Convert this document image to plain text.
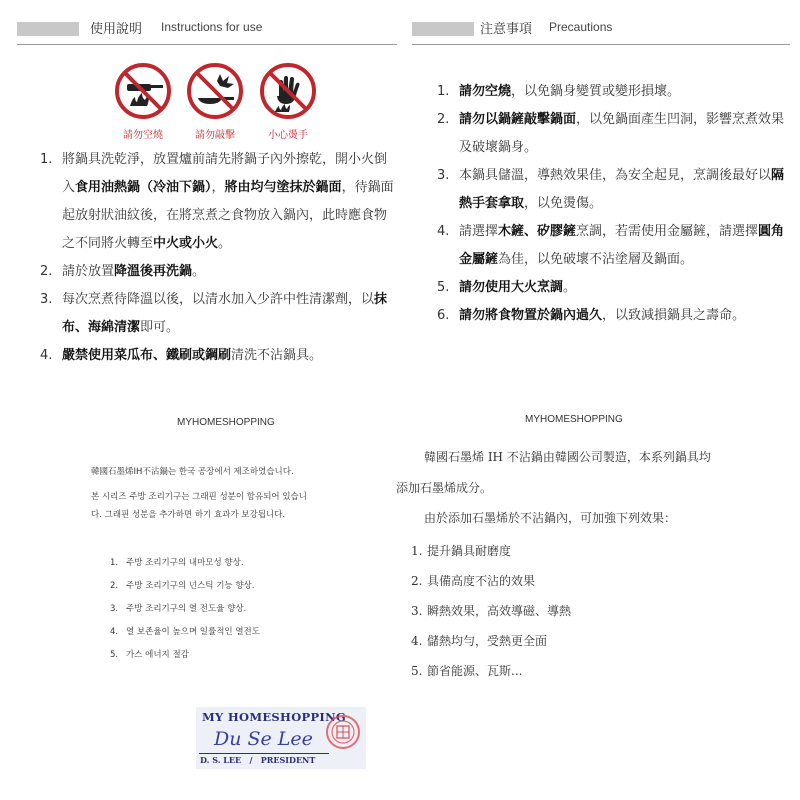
使用說明 Instructions for use	注意事項 Precautions
請勿空燒	請勿敲擊	小心燙手
1. 將鍋具洗乾淨，放置爐前請先將鍋子內外擦乾，開小火倒入食用油熱鍋（冷油下鍋），將由均勻塗抹於鍋面，待鍋面起放射狀油紋後，在將烹煮之食物放入鍋內，此時應食物之不同將火轉至中火或小火。
2. 請於放置降溫後再洗鍋。
3. 每次烹煮待降溫以後，以清水加入少許中性清潔劑，以抹布、海綿清潔即可。
4. 嚴禁使用菜瓜布、鐵刷或鋼刷清洗不沾鍋具。
1. 請勿空燒，以免鍋身變質或變形損壞。
2. 請勿以鍋鏟敲擊鍋面，以免鍋面產生凹洞，影響烹煮效果及破壞鍋身。
3. 本鍋具儲溫，導熱效果佳，為安全起見，烹調後最好以隔熱手套拿取，以免燙傷。
4. 請選擇木鏟、矽膠鏟烹調，若需使用金屬鏟，請選擇圓角金屬鏟為佳，以免破壞不沾塗層及鍋面。
5. 請勿使用大火烹調。
6. 請勿將食物置於鍋內過久，以致減損鍋具之壽命。
MYHOMESHOPPING
韓國石墨烯IH不沾鍋는 한국 공장에서 제조하였습니다.
본 시리즈 주방 조리기구는 그래핀 성분이 함유되어 있습니
다. 그래핀 성분을 추가하면 하기 효과가 보강됩니다.
1. 주방 조리기구의 내마모성 향상.
2. 주방 조리기구의 넌스틱 기능 향상.
3. 주방 조리기구의 열 전도율 향상.
4. 열 보존율이 높으며 일률적인 열전도
5. 가스 에너지 절감
MY HOMESHOPPING
Du Se Lee
D. S. LEE   /   PRESIDENT
MYHOMESHOPPING
韓國石墨烯 IH 不沾鍋由韓國公司製造，本系列鍋具均
添加石墨烯成分。
由於添加石墨烯於不沾鍋內，可加強下列效果：
1. 提升鍋具耐磨度
2. 具備高度不沾的效果
3. 瞬熱效果，高效導磁、導熱
4. 儲熱均勻，受熱更全面
5. 節省能源、瓦斯...
